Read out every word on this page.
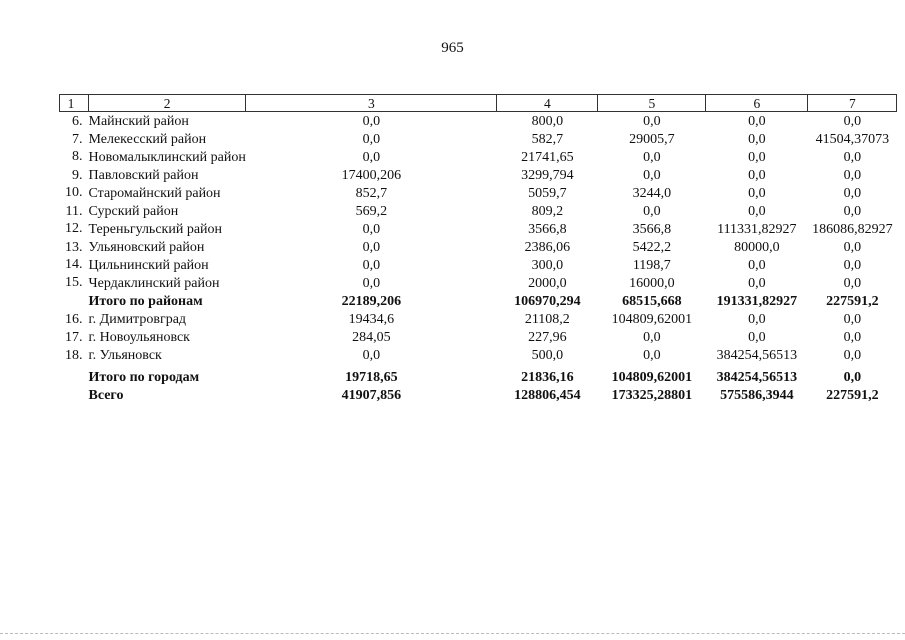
965
1	2	3	4	5	6	7
6.	Майнский район	0,0	800,0	0,0	0,0	0,0
7.	Мелекесский район	0,0	582,7	29005,7	0,0	41504,37073
8.	Новомалыклинский район	0,0	21741,65	0,0	0,0	0,0
9.	Павловский район	17400,206	3299,794	0,0	0,0	0,0
10.	Старомайнский район	852,7	5059,7	3244,0	0,0	0,0
11.	Сурский район	569,2	809,2	0,0	0,0	0,0
12.	Тереньгульский район	0,0	3566,8	3566,8	111331,82927	186086,82927
13.	Ульяновский район	0,0	2386,06	5422,2	80000,0	0,0
14.	Цильнинский район	0,0	300,0	1198,7	0,0	0,0
15.	Чердаклинский район	0,0	2000,0	16000,0	0,0	0,0
	Итого по районам	22189,206	106970,294	68515,668	191331,82927	227591,2
16.	г. Димитровград	19434,6	21108,2	104809,62001	0,0	0,0
17.	г. Новоульяновск	284,05	227,96	0,0	0,0	0,0
18.	г. Ульяновск	0,0	500,0	0,0	384254,56513	0,0
	Итого по городам	19718,65	21836,16	104809,62001	384254,56513	0,0
	Всего	41907,856	128806,454	173325,28801	575586,3944	227591,2
